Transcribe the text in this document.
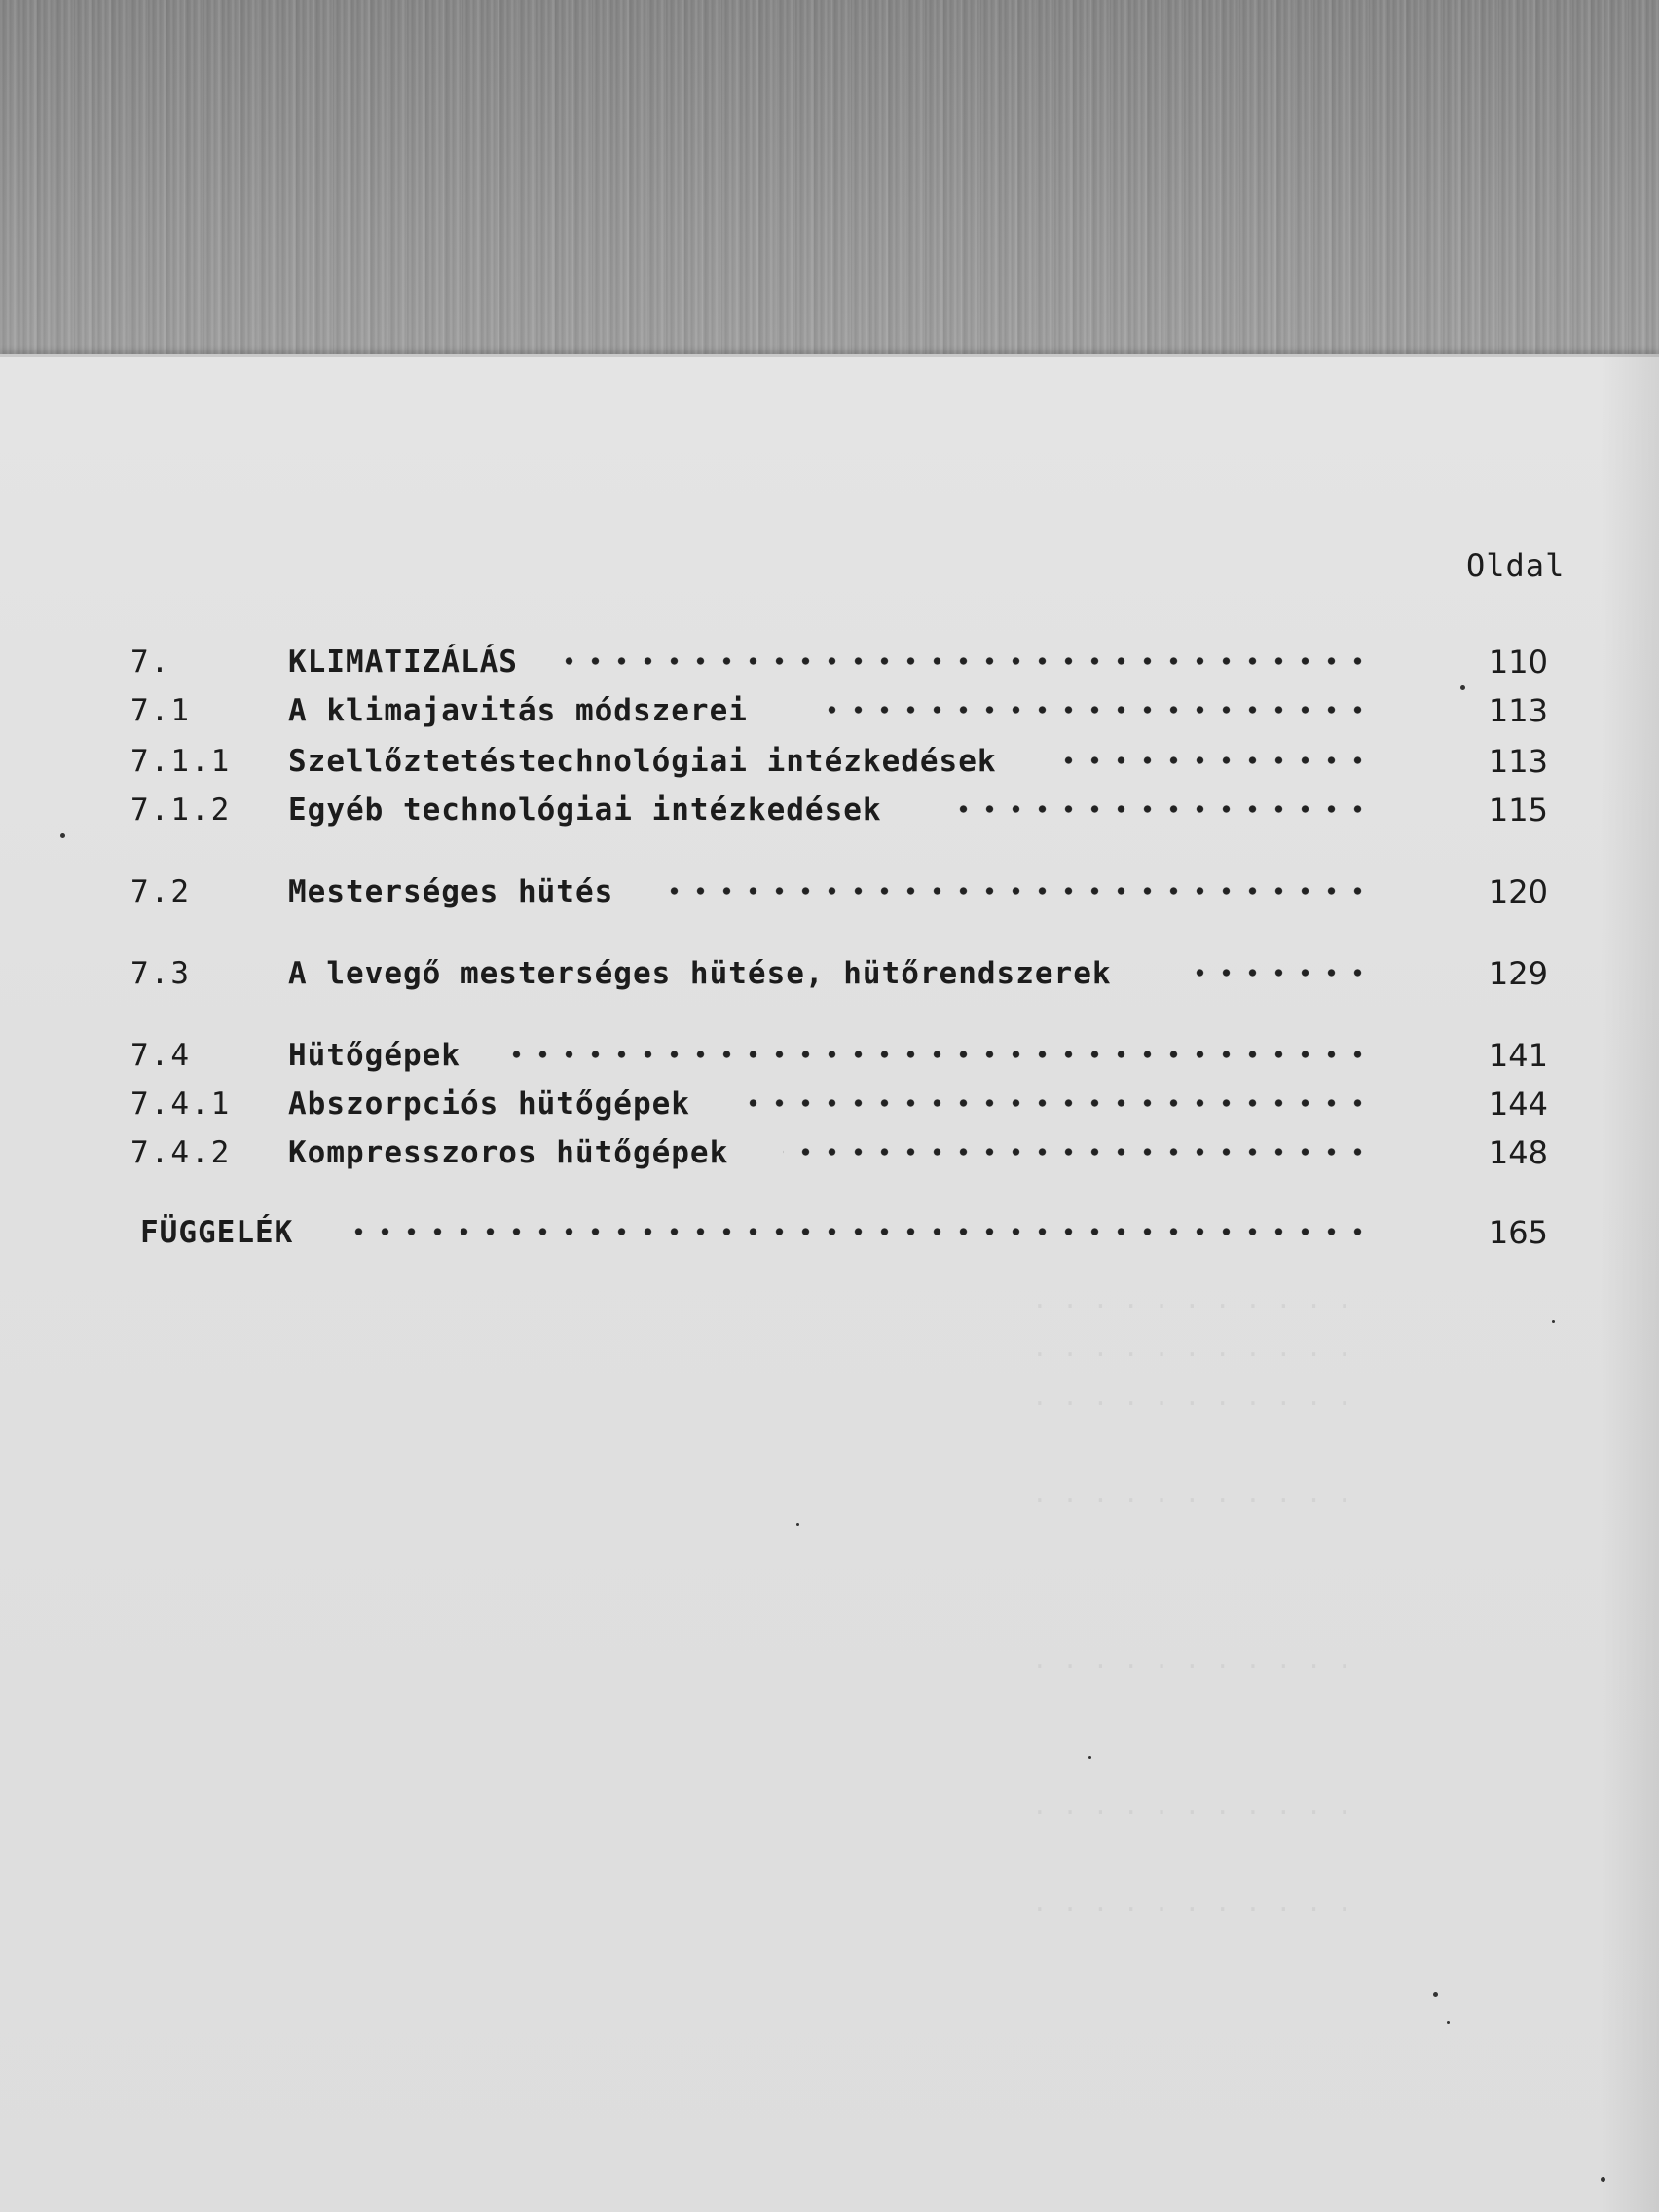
. . . . . . . . . . .
. . . . . . . . . . .
. . . . . . . . . . .
. . . . . . . . . . .
. . . . . . . . . . .
. . . . . . . . . . .
. . . . . . . . . . .
Oldal
7.	KLIMATIZÁLÁS	110
7.1	A klimajavitás módszerei	113
7.1.1 Szellőztetéstechnológiai intézkedések	113
7.1.2 Egyéb technológiai intézkedések	115
7.2	Mesterséges hütés	120
7.3	A levegő mesterséges hütése, hütőrendszerek	129
7.4	Hütőgépek	141
7.4.1 Abszorpciós hütőgépek	144
7.4.2 Kompresszoros hütőgépek	148
FÜGGELÉK	165
